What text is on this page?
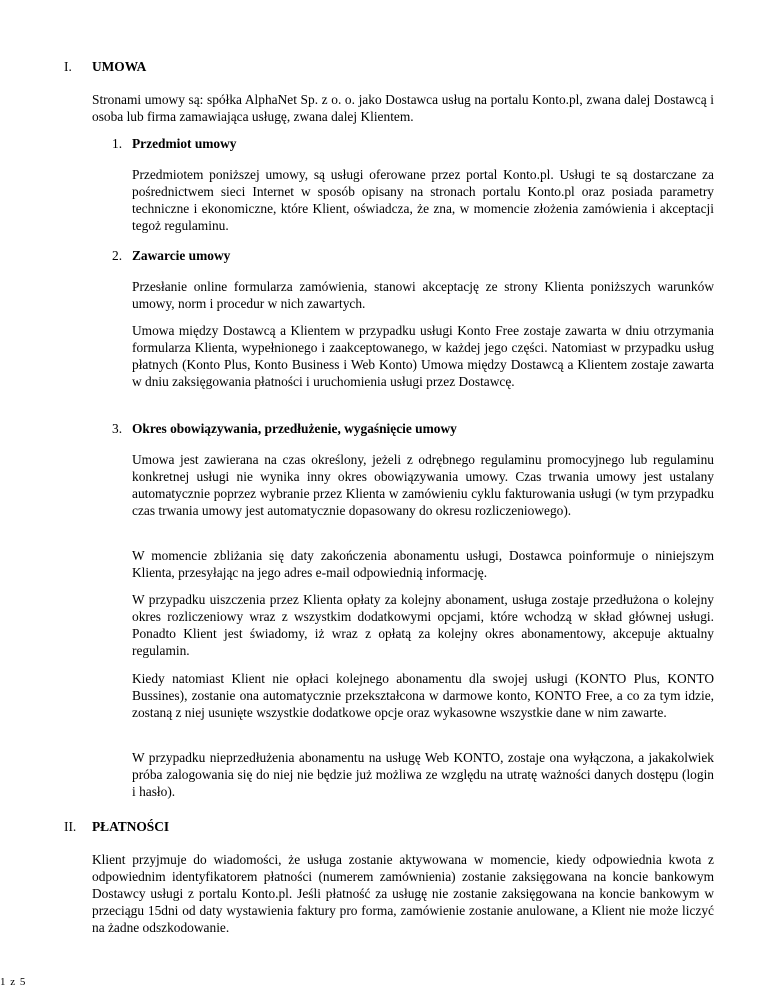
I. UMOWA
Stronami umowy są: spółka AlphaNet Sp. z o. o. jako Dostawca usług na portalu Konto.pl, zwana dalej Dostawcą i osoba lub firma zamawiająca usługę, zwana dalej Klientem.
1. Przedmiot umowy
Przedmiotem poniższej umowy, są usługi oferowane przez portal Konto.pl. Usługi te są dostarczane za pośrednictwem sieci Internet w sposób opisany na stronach portalu Konto.pl oraz posiada parametry techniczne i ekonomiczne, które Klient, oświadcza, że zna, w momencie złożenia zamówienia i akceptacji tegoż regulaminu.
2. Zawarcie umowy
Przesłanie online formularza zamówienia, stanowi akceptację ze strony Klienta poniższych warunków umowy, norm i procedur w nich zawartych.
Umowa między Dostawcą a Klientem w przypadku usługi Konto Free zostaje zawarta w dniu otrzymania formularza Klienta, wypełnionego i zaakceptowanego, w każdej jego części. Natomiast w przypadku usług płatnych (Konto Plus, Konto Business i Web Konto) Umowa między Dostawcą a Klientem zostaje zawarta w dniu zaksięgowania płatności i uruchomienia usługi przez Dostawcę.
3. Okres obowiązywania, przedłużenie, wygaśnięcie umowy
Umowa jest zawierana na czas określony, jeżeli z odrębnego regulaminu promocyjnego lub regulaminu konkretnej usługi nie wynika inny okres obowiązywania umowy. Czas trwania umowy jest ustalany automatycznie poprzez wybranie przez Klienta w zamówieniu cyklu fakturowania usługi (w tym przypadku czas trwania umowy jest automatycznie dopasowany do okresu rozliczeniowego).
W momencie zbliżania się daty zakończenia abonamentu usługi, Dostawca poinformuje o niniejszym Klienta, przesyłając na jego adres e-mail odpowiednią informację.
W przypadku uiszczenia przez Klienta opłaty za kolejny abonament, usługa zostaje przedłużona o kolejny okres rozliczeniowy wraz z wszystkim dodatkowymi opcjami, które wchodzą w skład głównej usługi. Ponadto Klient jest świadomy, iż wraz z opłatą za kolejny okres abonamentowy, akcepuje aktualny regulamin.
Kiedy natomiast Klient nie opłaci kolejnego abonamentu dla swojej usługi (KONTO Plus, KONTO Bussines), zostanie ona automatycznie przekształcona w darmowe konto, KONTO Free, a co za tym idzie, zostaną z niej usunięte wszystkie dodatkowe opcje oraz wykasowne wszystkie dane w nim zawarte.
W przypadku nieprzedłużenia abonamentu na usługę Web KONTO, zostaje ona wyłączona, a jakakolwiek próba zalogowania się do niej nie będzie już możliwa ze względu na utratę ważności danych dostępu (login i hasło).
II. PŁATNOŚCI
Klient przyjmuje do wiadomości, że usługa zostanie aktywowana w momencie, kiedy odpowiednia kwota z odpowiednim identyfikatorem płatności (numerem zamównienia) zostanie zaksięgowana na koncie bankowym Dostawcy usługi z portalu Konto.pl. Jeśli płatność za usługę nie zostanie zaksięgowana na koncie bankowym w przeciągu 15dni od daty wystawienia faktury pro forma, zamówienie zostanie anulowane, a Klient nie może liczyć na żadne odszkodowanie.
1 z 5
